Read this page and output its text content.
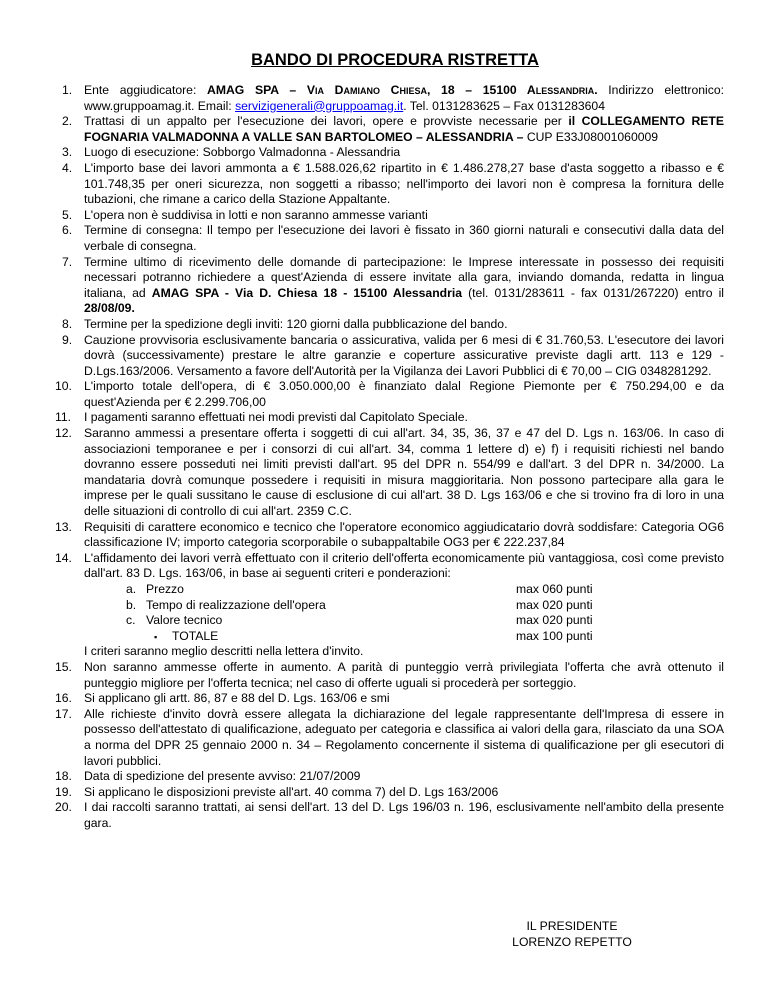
BANDO DI PROCEDURA RISTRETTA
1. Ente aggiudicatore: AMAG SPA – Via Damiano Chiesa, 18 – 15100 Alessandria. Indirizzo elettronico: www.gruppoamag.it. Email: servizigenerali@gruppoamag.it. Tel. 0131283625 – Fax 0131283604
2. Trattasi di un appalto per l'esecuzione dei lavori, opere e provviste necessarie per il COLLEGAMENTO RETE FOGNARIA VALMADONNA A VALLE SAN BARTOLOMEO – ALESSANDRIA – CUP E33J08001060009
3. Luogo di esecuzione: Sobborgo Valmadonna - Alessandria
4. L'importo base dei lavori ammonta a € 1.588.026,62 ripartito in € 1.486.278,27 base d'asta soggetto a ribasso e € 101.748,35 per oneri sicurezza, non soggetti a ribasso; nell'importo dei lavori non è compresa la fornitura delle tubazioni, che rimane a carico della Stazione Appaltante.
5. L'opera non è suddivisa in lotti e non saranno ammesse varianti
6. Termine di consegna: Il tempo per l'esecuzione dei lavori è fissato in 360 giorni naturali e consecutivi dalla data del verbale di consegna.
7. Termine ultimo di ricevimento delle domande di partecipazione: le Imprese interessate in possesso dei requisiti necessari potranno richiedere a quest'Azienda di essere invitate alla gara, inviando domanda, redatta in lingua italiana, ad AMAG SPA - Via D. Chiesa 18 - 15100 Alessandria (tel. 0131/283611 - fax 0131/267220) entro il 28/08/09.
8. Termine per la spedizione degli inviti: 120 giorni dalla pubblicazione del bando.
9. Cauzione provvisoria esclusivamente bancaria o assicurativa, valida per 6 mesi di € 31.760,53. L'esecutore dei lavori dovrà (successivamente) prestare le altre garanzie e coperture assicurative previste dagli artt. 113 e 129 - D.Lgs.163/2006. Versamento a favore dell'Autorità per la Vigilanza dei Lavori Pubblici di € 70,00 – CIG 0348281292.
10. L'importo totale dell'opera, di € 3.050.000,00 è finanziato dalal Regione Piemonte per € 750.294,00 e da quest'Azienda per € 2.299.706,00
11.	I pagamenti saranno effettuati nei modi previsti dal Capitolato Speciale.
12. Saranno ammessi a presentare offerta i soggetti di cui all'art. 34, 35, 36, 37 e 47 del D. Lgs n. 163/06. In caso di associazioni temporanee e per i consorzi di cui all'art. 34, comma 1 lettere d) e) f) i requisiti richiesti nel bando dovranno essere posseduti nei limiti previsti dall'art. 95 del DPR n. 554/99 e dall'art. 3 del DPR n. 34/2000. La mandataria dovrà comunque possedere i requisiti in misura maggioritaria. Non possono partecipare alla gara le imprese per le quali sussitano le cause di esclusione di cui all'art. 38 D. Lgs 163/06 e che si trovino fra di loro in una delle situazioni di controllo di cui all'art. 2359 C.C.
13. Requisiti di carattere economico e tecnico che l'operatore economico aggiudicatario dovrà soddisfare: Categoria OG6 classificazione IV; importo categoria scorporabile o subappaltabile OG3 per € 222.237,84
14. L'affidamento dei lavori verrà effettuato con il criterio dell'offerta economicamente più vantaggiosa, così come previsto dall'art. 83 D. Lgs. 163/06, in base ai seguenti criteri e ponderazioni:
a. Prezzo	max 060 punti
b. Tempo di realizzazione dell'opera	max 020 punti
c. Valore tecnico	max 020 punti
▪ TOTALE	max 100 punti
I criteri saranno meglio descritti nella lettera d'invito.
15. Non saranno ammesse offerte in aumento. A parità di punteggio verrà privilegiata l'offerta che avrà ottenuto il punteggio migliore per l'offerta tecnica; nel caso di offerte uguali si procederà per sorteggio.
16. Si applicano gli artt. 86, 87 e 88 del D. Lgs. 163/06 e smi
17. Alle richieste d'invito dovrà essere allegata la dichiarazione del legale rappresentante dell'Impresa di essere in possesso dell'attestato di qualificazione, adeguato per categoria e classifica ai valori della gara, rilasciato da una SOA a norma del DPR 25 gennaio 2000 n. 34 – Regolamento concernente il sistema di qualificazione per gli esecutori di lavori pubblici.
18. Data di spedizione del presente avviso: 21/07/2009
19. Si applicano le disposizioni previste all'art. 40 comma 7) del D. Lgs 163/2006
20. I dai raccolti saranno trattati, ai sensi dell'art. 13 del D. Lgs 196/03 n. 196, esclusivamente nell'ambito della presente gara.
IL PRESIDENTE
LORENZO REPETTO
